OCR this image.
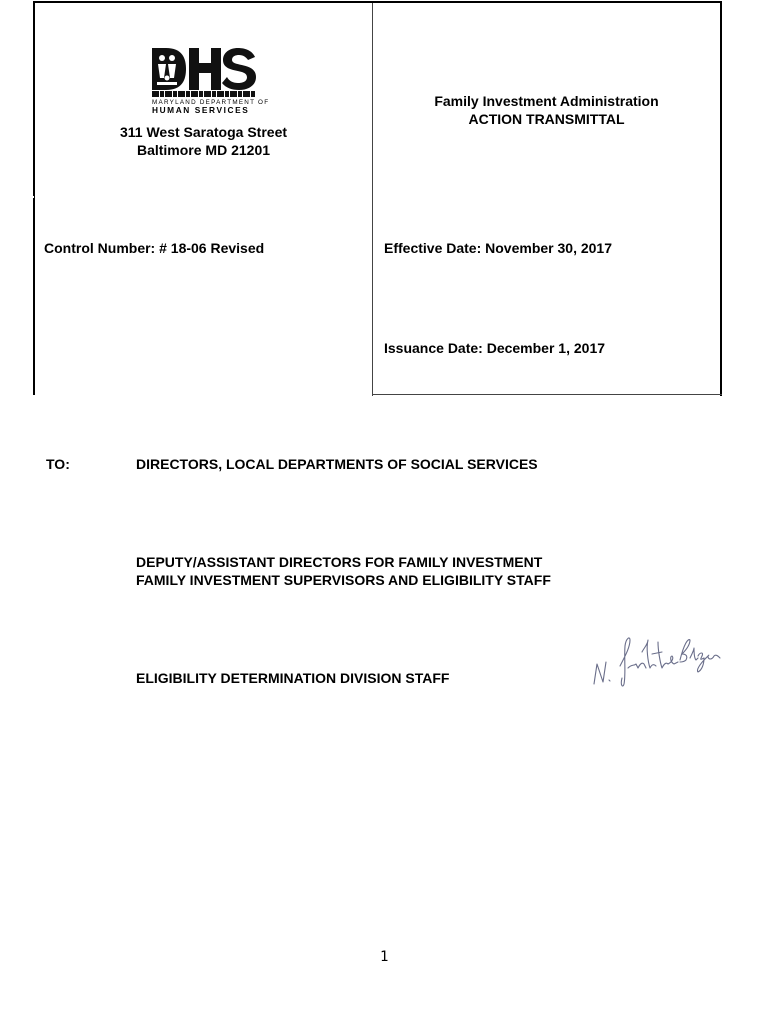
MARYLAND DEPARTMENT OF
HUMAN SERVICES
311 West Saratoga Street
Baltimore MD 21201
Family Investment Administration
ACTION TRANSMITTAL
Control Number: # 18-06 Revised	Effective Date: November 30, 2017
Issuance Date: December 1, 2017
TO:	DIRECTORS, LOCAL DEPARTMENTS OF SOCIAL SERVICES
DEPUTY/ASSISTANT DIRECTORS FOR FAMILY INVESTMENT
FAMILY INVESTMENT SUPERVISORS AND ELIGIBILITY STAFF
ELIGIBILITY DETERMINATION DIVISION STAFF
1
